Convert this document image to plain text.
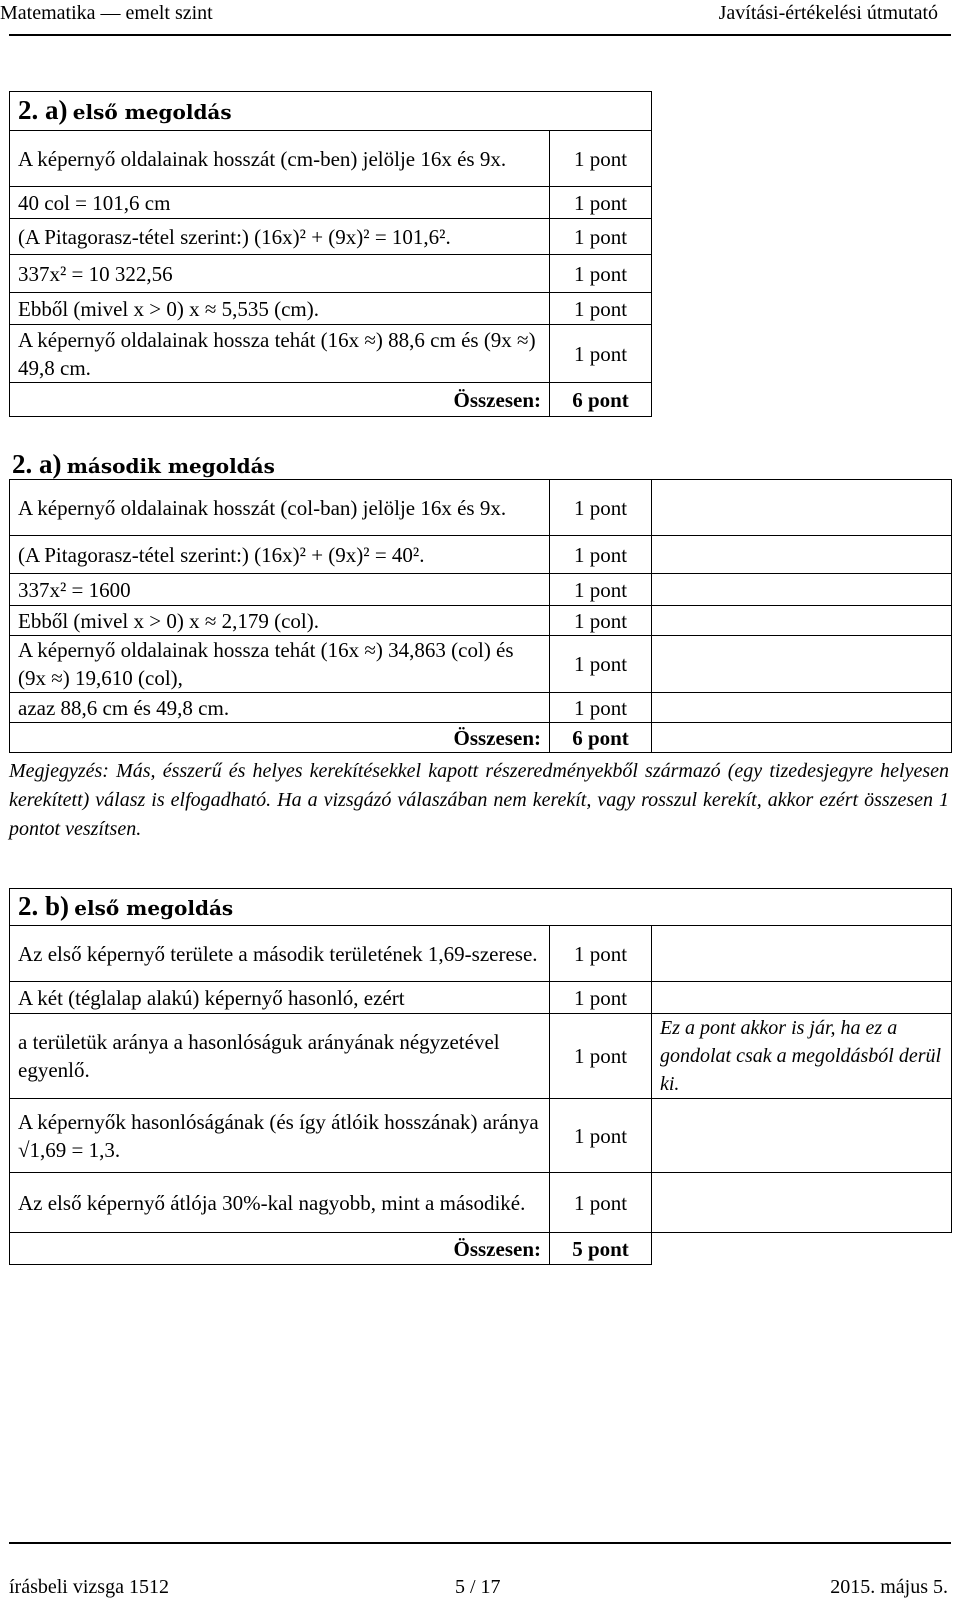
Matematika — emelt szint	Javítási-értékelési útmutató
2. a) első megoldás	
A képernyő oldalainak hosszát (cm-ben) jelölje 16x és 9x.	1 pont
40 col = 101,6 cm	1 pont
(A Pitagorasz-tétel szerint:) (16x)² + (9x)² = 101,6².	1 pont
337x² = 10 322,56	1 pont
Ebből (mivel x > 0) x ≈ 5,535 (cm).	1 pont
A képernyő oldalainak hossza tehát (16x ≈) 88,6 cm és (9x ≈) 49,8 cm.	1 pont
Összesen:	6 pont
2. a) második megoldás
A képernyő oldalainak hosszát (col-ban) jelölje 16x és 9x.	1 pont	
(A Pitagorasz-tétel szerint:) (16x)² + (9x)² = 40².	1 pont	
337x² = 1600	1 pont	
Ebből (mivel x > 0) x ≈ 2,179 (col).	1 pont	
A képernyő oldalainak hossza tehát (16x ≈) 34,863 (col) és (9x ≈) 19,610 (col),	1 pont	
azaz 88,6 cm és 49,8 cm.	1 pont	
Összesen:	6 pont	
Megjegyzés: Más, ésszerű és helyes kerekítésekkel kapott részeredményekből származó (egy tizedesjegyre helyesen kerekített) válasz is elfogadható. Ha a vizsgázó válaszában nem kerekít, vagy rosszul kerekít, akkor ezért összesen 1 pontot veszítsen.
2. b) első megoldás		
Az első képernyő területe a második területének 1,69-szerese.	1 pont	
A két (téglalap alakú) képernyő hasonló, ezért	1 pont	
a területük aránya a hasonlóságuk arányának négyzetével egyenlő.	1 pont	Ez a pont akkor is jár, ha ez a gondolat csak a megoldásból derül ki.
A képernyők hasonlóságának (és így átlóik hosszának) aránya √1,69 = 1,3.	1 pont	
Az első képernyő átlója 30%-kal nagyobb, mint a másodiké.	1 pont	
Összesen:	5 pont	
írásbeli vizsga 1512	5 / 17	2015. május 5.
